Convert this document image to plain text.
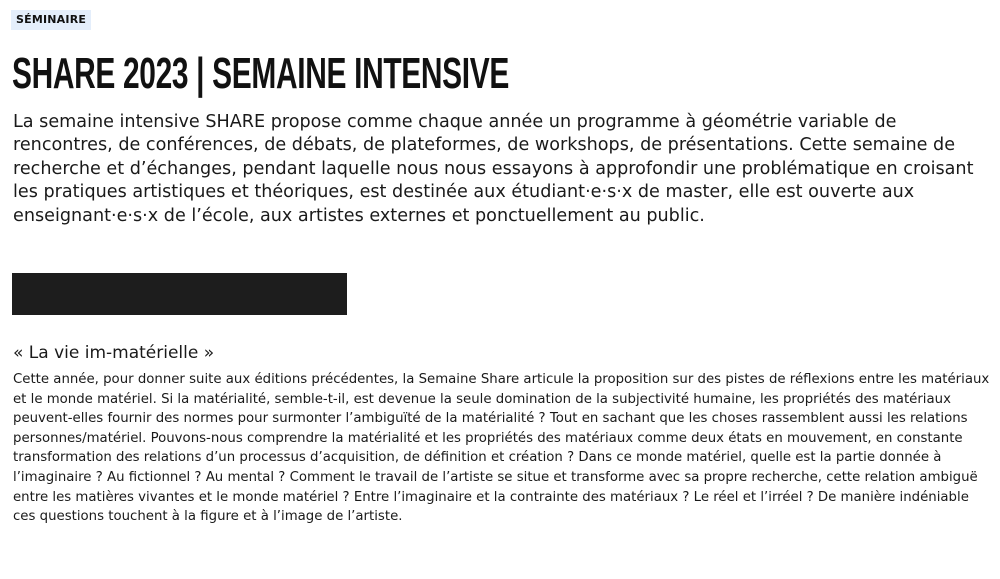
SÉMINAIRE
SHARE 2023 | SEMAINE INTENSIVE

La semaine intensive SHARE propose comme chaque année un programme à géométrie variable de rencontres, de conférences, de débats, de plateformes, de workshops, de présentations. Cette semaine de recherche et d’échanges, pendant laquelle nous nous essayons à approfondir une problématique en croisant les pratiques artistiques et théoriques, est destinée aux étudiant·e·s·x de master, elle est ouverte aux enseignant·e·s·x de l’école, aux artistes externes et ponctuellement au public.

« La vie im-matérielle »

Cette année, pour donner suite aux éditions précédentes, la Semaine Share articule la proposition sur des pistes de réflexions entre les matériaux et le monde matériel. Si la matérialité, semble-t-il, est devenue la seule domination de la subjectivité humaine, les propriétés des matériaux peuvent-elles fournir des normes pour surmonter l’ambiguïté de la matérialité ? Tout en sachant que les choses rassemblent aussi les relations personnes/matériel. Pouvons-nous comprendre la matérialité et les propriétés des matériaux comme deux états en mouvement, en constante transformation des relations d’un processus d’acquisition, de définition et création ? Dans ce monde matériel, quelle est la partie donnée à l’imaginaire ? Au fictionnel ? Au mental ? Comment le travail de l’artiste se situe et transforme avec sa propre recherche, cette relation ambiguë entre les matières vivantes et le monde matériel ? Entre l’imaginaire et la contrainte des matériaux ? Le réel et l’irréel ? De manière indéniable ces questions touchent à la figure et à l’image de l’artiste.
